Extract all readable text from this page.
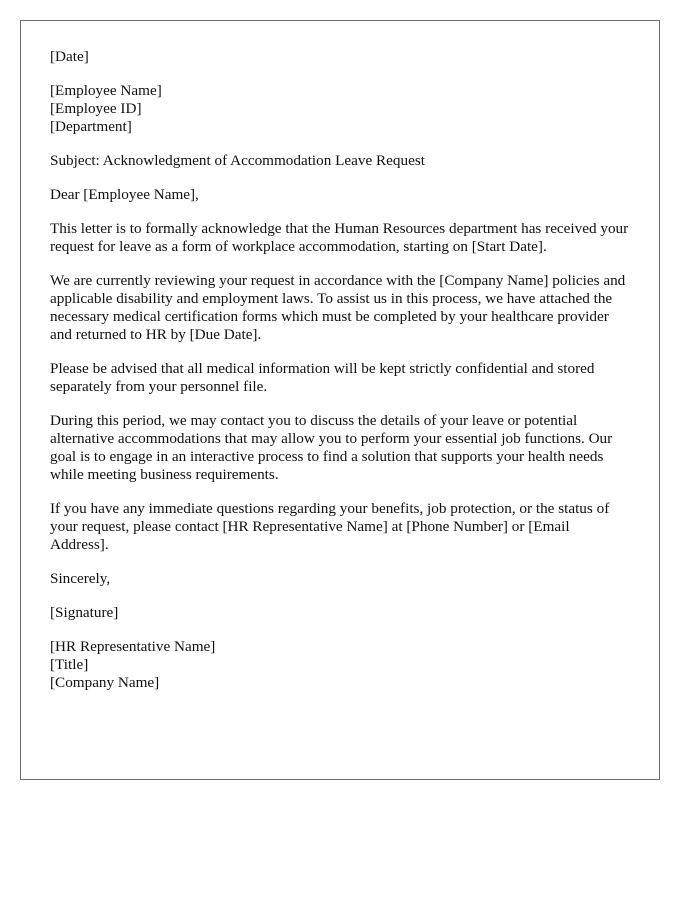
[Date]

[Employee Name]
[Employee ID]
[Department]

Subject: Acknowledgment of Accommodation Leave Request

Dear [Employee Name],

This letter is to formally acknowledge that the Human Resources department has received your request for leave as a form of workplace accommodation, starting on [Start Date].

We are currently reviewing your request in accordance with the [Company Name] policies and applicable disability and employment laws. To assist us in this process, we have attached the necessary medical certification forms which must be completed by your healthcare provider and returned to HR by [Due Date].

Please be advised that all medical information will be kept strictly confidential and stored separately from your personnel file.

During this period, we may contact you to discuss the details of your leave or potential alternative accommodations that may allow you to perform your essential job functions. Our goal is to engage in an interactive process to find a solution that supports your health needs while meeting business requirements.

If you have any immediate questions regarding your benefits, job protection, or the status of your request, please contact [HR Representative Name] at [Phone Number] or [Email Address].

Sincerely,

[Signature]

[HR Representative Name]
[Title]
[Company Name]
